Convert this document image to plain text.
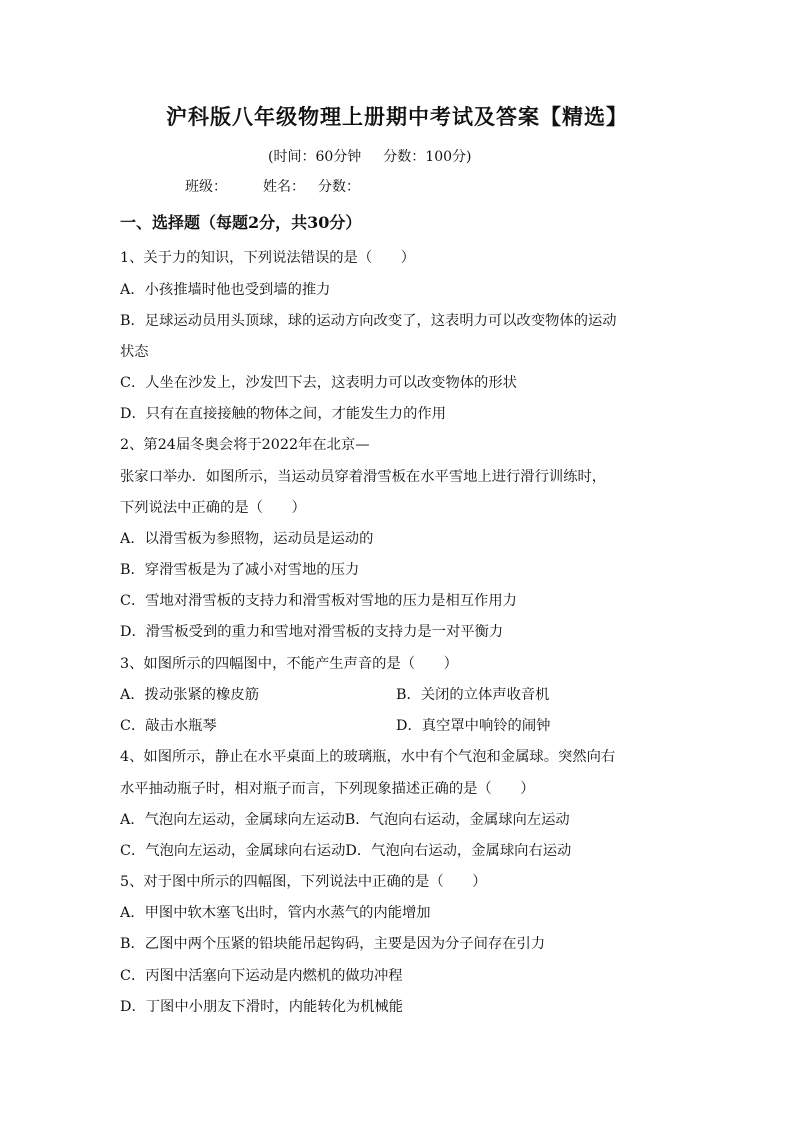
沪科版八年级物理上册期中考试及答案【精选】
(时间：60分钟 分数：100分)
班级：	姓名： 分数：
一、选择题（每题2分，共30分）
1、关于力的知识，下列说法错误的是（　　）
A．小孩推墙时他也受到墙的推力
B．足球运动员用头顶球，球的运动方向改变了，这表明力可以改变物体的运动
状态
C．人坐在沙发上，沙发凹下去，这表明力可以改变物体的形状
D．只有在直接接触的物体之间，才能发生力的作用
2、第24届冬奥会将于2022年在北京—
张家口举办．如图所示，当运动员穿着滑雪板在水平雪地上进行滑行训练时，
下列说法中正确的是（　　）
A．以滑雪板为参照物，运动员是运动的
B．穿滑雪板是为了减小对雪地的压力
C．雪地对滑雪板的支持力和滑雪板对雪地的压力是相互作用力
D．滑雪板受到的重力和雪地对滑雪板的支持力是一对平衡力
3、如图所示的四幅图中，不能产生声音的是（　　）
A．拨动张紧的橡皮筋	B．关闭的立体声收音机
C．敲击水瓶琴	D．真空罩中响铃的闹钟
4、如图所示，静止在水平桌面上的玻璃瓶，水中有个气泡和金属球。突然向右
水平抽动瓶子时，相对瓶子而言，下列现象描述正确的是（　　）
A．气泡向左运动，金属球向左运动B．气泡向右运动，金属球向左运动
C．气泡向左运动，金属球向右运动D．气泡向右运动，金属球向右运动
5、对于图中所示的四幅图，下列说法中正确的是（　　）
A．甲图中软木塞飞出时，管内水蒸气的内能增加
B．乙图中两个压紧的铅块能吊起钩码，主要是因为分子间存在引力
C．丙图中活塞向下运动是内燃机的做功冲程
D．丁图中小朋友下滑时，内能转化为机械能
